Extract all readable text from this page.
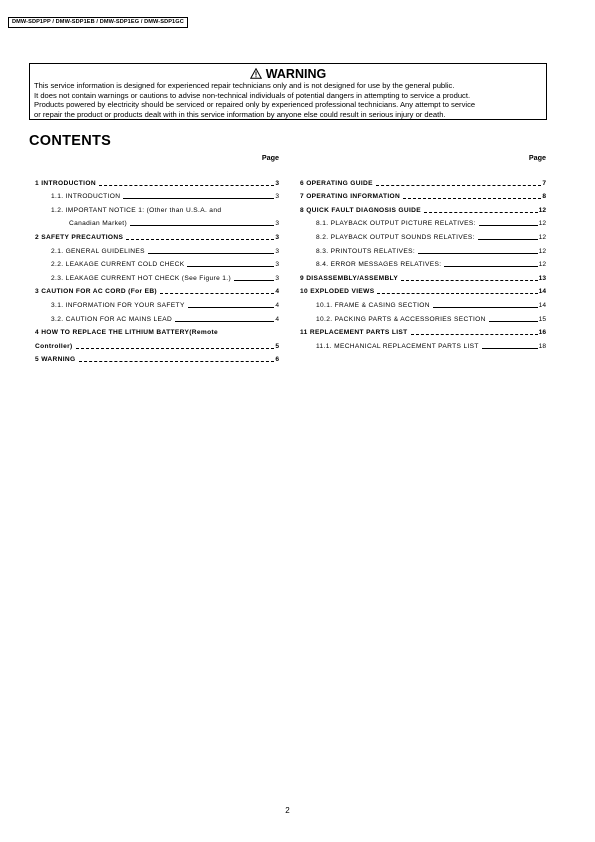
DMW-SDP1PP / DMW-SDP1EB / DMW-SDP1EG / DMW-SDP1GC
WARNING
This service information is designed for experienced repair technicians only and is not designed for use by the general public.
It does not contain warnings or cautions to advise non-technical individuals of potential dangers in attempting to service a product.
Products powered by electricity should be serviced or repaired only by experienced professional technicians. Any attempt to service
or repair the product or products dealt with in this service information by anyone else could result in serious injury or death.
CONTENTS
Page
1 INTRODUCTION	3
1.1. INTRODUCTION	3
1.2. IMPORTANT NOTICE 1: (Other than U.S.A. and
Canadian Market)	3
2 SAFETY PRECAUTIONS	3
2.1. GENERAL GUIDELINES	3
2.2. LEAKAGE CURRENT COLD CHECK	3
2.3. LEAKAGE CURRENT HOT CHECK (See Figure 1.)	3
3 CAUTION FOR AC CORD (For EB)	4
3.1. INFORMATION FOR YOUR SAFETY	4
3.2. CAUTION FOR AC MAINS LEAD	4
4 HOW TO REPLACE THE LITHIUM BATTERY(Remote
Controller)	5
5 WARNING	6
Page
6 OPERATING GUIDE	7
7 OPERATING INFORMATION	8
8 QUICK FAULT DIAGNOSIS GUIDE	12
8.1. PLAYBACK OUTPUT PICTURE RELATIVES:	12
8.2. PLAYBACK OUTPUT SOUNDS RELATIVES:	12
8.3. PRINTOUTS RELATIVES:	12
8.4. ERROR MESSAGES RELATIVES:	12
9 DISASSEMBLY/ASSEMBLY	13
10 EXPLODED VIEWS	14
10.1. FRAME & CASING SECTION	14
10.2. PACKING PARTS & ACCESSORIES SECTION	15
11 REPLACEMENT PARTS LIST	16
11.1. MECHANICAL REPLACEMENT PARTS LIST	18
2
